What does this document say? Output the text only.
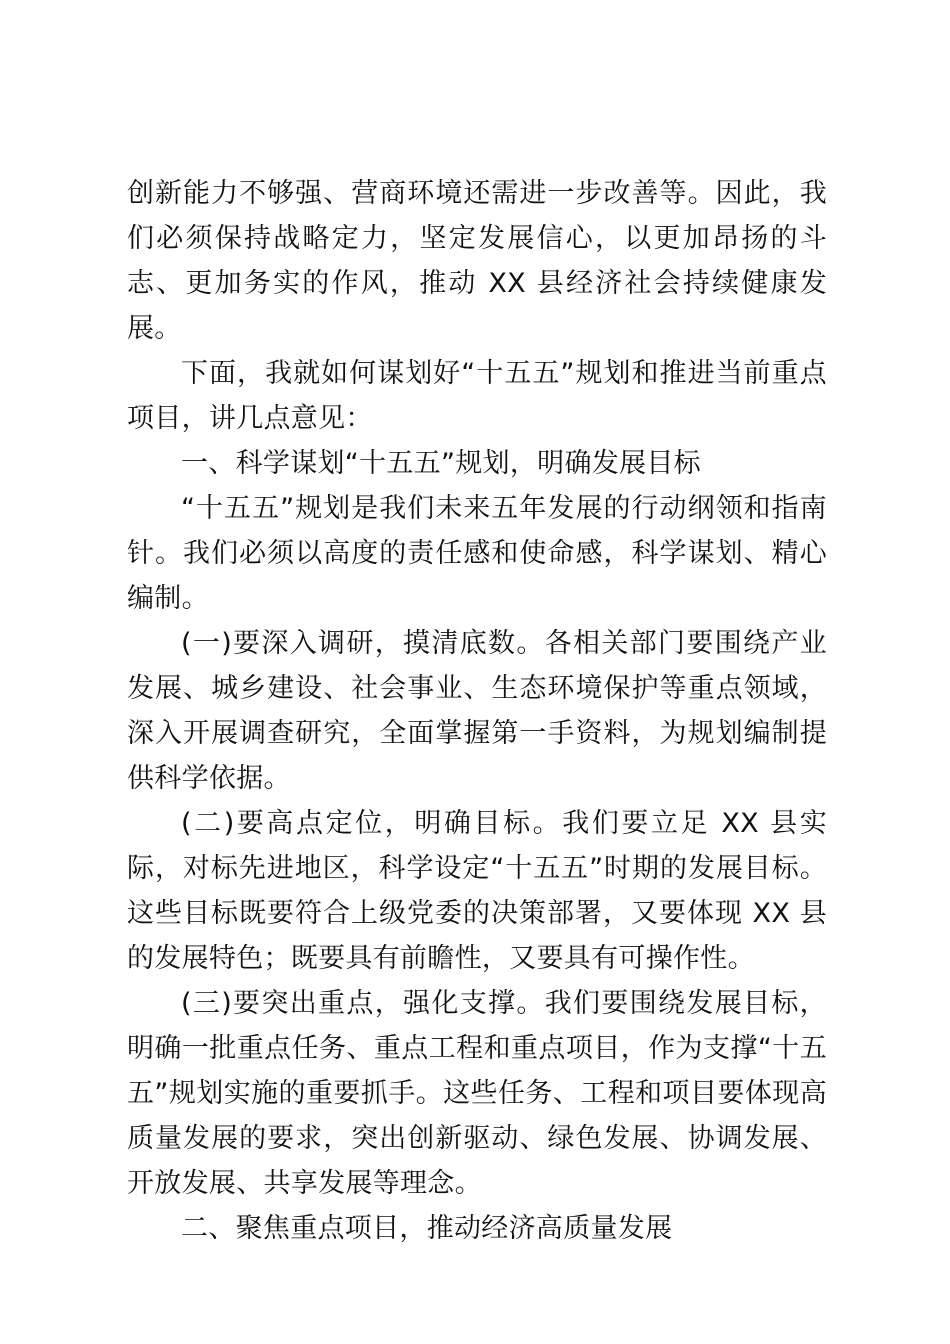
创新能力不够强、营商环境还需进一步改善等。因此，我们必须保持战略定力，坚定发展信心，以更加昂扬的斗志、更加务实的作风，推动 XX 县经济社会持续健康发展。

下面，我就如何谋划好“十五五”规划和推进当前重点项目，讲几点意见：

一、科学谋划“十五五”规划，明确发展目标

“十五五”规划是我们未来五年发展的行动纲领和指南针。我们必须以高度的责任感和使命感，科学谋划、精心编制。

(一)要深入调研，摸清底数。各相关部门要围绕产业发展、城乡建设、社会事业、生态环境保护等重点领域，深入开展调查研究，全面掌握第一手资料，为规划编制提供科学依据。

(二)要高点定位，明确目标。我们要立足 XX 县实际，对标先进地区，科学设定“十五五”时期的发展目标。这些目标既要符合上级党委的决策部署，又要体现 XX 县的发展特色；既要具有前瞻性，又要具有可操作性。

(三)要突出重点，强化支撑。我们要围绕发展目标，明确一批重点任务、重点工程和重点项目，作为支撑“十五五”规划实施的重要抓手。这些任务、工程和项目要体现高质量发展的要求，突出创新驱动、绿色发展、协调发展、开放发展、共享发展等理念。

二、聚焦重点项目，推动经济高质量发展
